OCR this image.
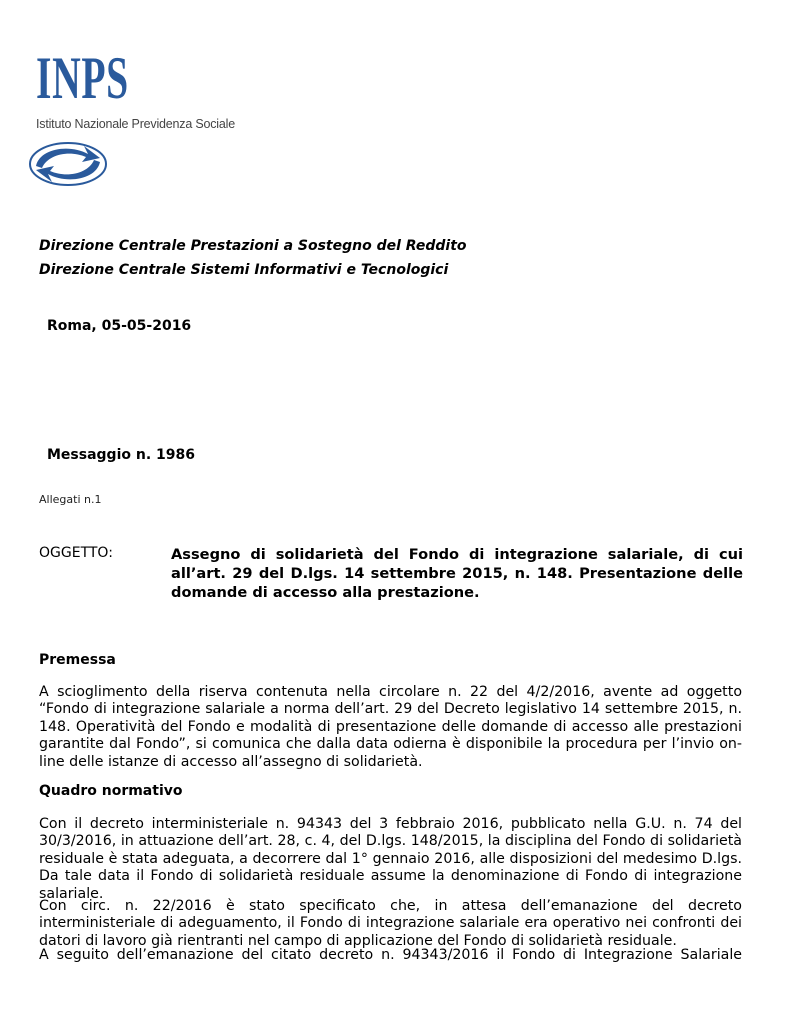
INPS
Istituto Nazionale Previdenza Sociale
Direzione Centrale Prestazioni a Sostegno del Reddito
Direzione Centrale Sistemi Informativi e Tecnologici
Roma, 05-05-2016
Messaggio n. 1986
Allegati n.1
OGGETTO:	Assegno di solidarietà del Fondo di integrazione salariale, di cui all’art. 29 del D.lgs. 14 settembre 2015, n. 148. Presentazione delle domande di accesso alla prestazione.
Premessa
A scioglimento della riserva contenuta nella circolare n. 22 del 4/2/2016, avente ad oggetto “Fondo di integrazione salariale a norma dell’art. 29 del Decreto legislativo 14 settembre 2015, n. 148. Operatività del Fondo e modalità di presentazione delle domande di accesso alle prestazioni garantite dal Fondo”, si comunica che dalla data odierna è disponibile la procedura per l’invio on-line delle istanze di accesso all’assegno di solidarietà.
Quadro normativo
Con il decreto interministeriale n. 94343 del 3 febbraio 2016, pubblicato nella G.U. n. 74 del 30/3/2016, in attuazione dell’art. 28, c. 4, del D.lgs. 148/2015, la disciplina del Fondo di solidarietà residuale è stata adeguata, a decorrere dal 1° gennaio 2016, alle disposizioni del medesimo D.lgs. Da tale data il Fondo di solidarietà residuale assume la denominazione di Fondo di integrazione salariale.
Con circ. n. 22/2016 è stato specificato che, in attesa dell’emanazione del decreto interministeriale di adeguamento, il Fondo di integrazione salariale era operativo nei confronti dei datori di lavoro già rientranti nel campo di applicazione del Fondo di solidarietà residuale.
A seguito dell’emanazione del citato decreto n. 94343/2016 il Fondo di Integrazione Salariale
